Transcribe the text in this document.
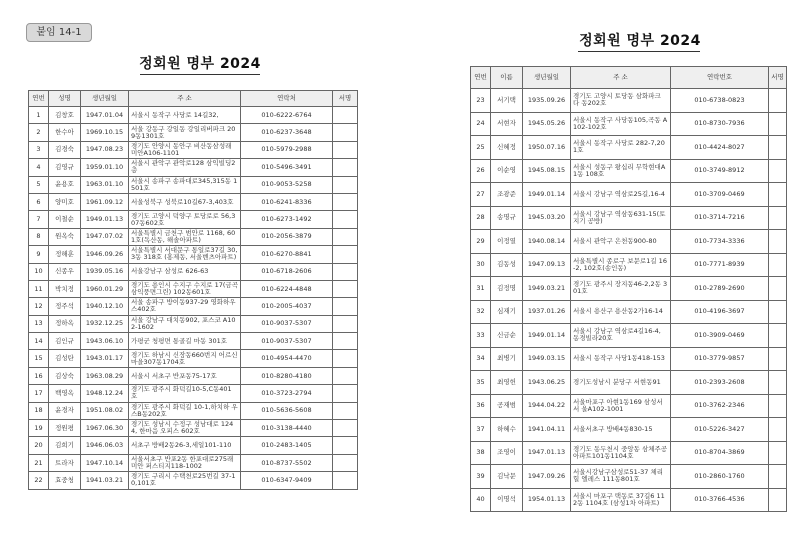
붙임 14-1
정회원 명부 2024
정회원 명부 2024
연번	성명	생년월일	주 소	연락처	서명
1	김창호	1947.01.04	서울시 동작구 사당로 14길32,	010-6222-6764	
2	한수아	1969.10.15	서울 강동구 강일동 강일리버파크 209동1301호	010-6237-3648	
3	김경숙	1947.08.23	경기도 안양시 동안구 비산동삼성래 미안A106-1101	010-5979-2988	
4	김영규	1959.01.10	서울시 관악구 관악로128 삼익빌딩2 층	010-5496-3491	
5	윤용호	1963.01.10	서울시 송파구 송파대로345,315동 1501호	010-9053-5258	
6	양미호	1961.09.12	서울성북구 성북로10길67-3,403호	010-6241-8336	
7	이철순	1949.01.13	경기도 고양시 덕양구 토당로로 56,307동602호	010-6273-1492	
8	원옥숙	1947.07.02	서울특별시 금천구 범안로 1168, 601호(독산동, 해솔아파트)	010-2056-3879	
9	정해훈	1946.09.26	서울특별시 서대문구 통일로37길 30, 3동 318호 (홍제동, 서울벤츠아파트)	010-6270-8841	
10	신종우	1939.05.16	서울강남구 삼성로 626-63	010-6718-2606	
11	박치정	1960.01.29	경기도 용인시 수지구 수지로 17(금곡삼익풍면그린) 102동601호	010-6224-4848	
12	정주석	1940.12.10	서울 송파구 방이동937-29 영화하우 스402호	010-2005-4037	
13	정하옥	1932.12.25	서울 강남구 대치동902, 포스코 A102-1602	010-9037-5307	
14	김인규	1943.06.10	가평군 청평면 통골길 마동 301호	010-9037-5307	
15	김성탄	1943.01.17	경기도 하남시 신장동660번지 어르신마을307동1704호	010-4954-4470	
16	김상숙	1963.08.29	서울시 서초구 반포동75-17호	010-8280-4180	
17	백영옥	1948.12.24	경기도 광주시 화덕길10-5,C동401 호	010-3723-2794	
18	윤경자	1951.08.02	경기도 광주시 화덕길 10-1,하치하 우스B동202호	010-5636-5608	
19	정원평	1967.06.30	경기도 성남시 수정구 성남대로 1244, 한마음 오피스 602호	010-3138-4440	
20	김희기	1946.06.03	서초구 방배2동26-3,세일101-110	010-2483-1405	
21	트라자	1947.10.14	서울서초구 반포2동 한포대로275래 미안 퍼스티지118-1002	010-8737-5502	
22	효중청	1941.03.21	경기도 구리시 수택천로25번길 37-10,101호	010-6347-9409	
연번	이름	생년월일	주 소	연락번호	서명
23	서기택	1935.09.26	경기도 고양시 토당동 삼화파크 다 동202호	010-6738-0823	
24	서현자	1945.05.26	서울시 동작구 사당동105,곡동 A102-102호	010-8730-7936	
25	신혜정	1950.07.16	서울시 동작구 사당로 282-7,201호	010-4424-8027	
26	이순영	1945.08.15	서울시 성동구 왕십리 무학현대A 1동 108호	010-3749-8912	
27	조광준	1949.01.14	서울시 강남구 역삼로25길,16-4	010-3709-0469	
28	송명규	1945.03.20	서울시 강남구 역삼동631-15(토지기 공방)	010-3714-7216	
29	이정열	1940.08.14	서울시 관악구 은천동900-80	010-7734-3336	
30	김동성	1947.09.13	서울특별시 종로구 보문로1길 16-2, 102호(송인동)	010-7771-8939	
31	김정명	1949.03.21	경기도 광주시 장지동46-2,2동 301호	010-2789-2690	
32	심재기	1937.01.26	서울시 용산구 용산동2가16-14	010-4196-3697	
33	신금순	1949.01.14	서울시 강남구 역삼로4길16-4, 동경빌라20호	010-3909-0469	
34	최병기	1949.03.15	서울시 동작구 사당1동418-153	010-3779-9857	
35	최영헌	1943.06.25	경기도성남시 분당구 서현동91	010-2393-2608	
36	공재범	1944.04.22	서울마포구 아현1동169 삼성서서 울A102-1001	010-3762-2346	
37	하혜수	1941.04.11	서울서초구 방배4동830-15	010-5226-3427	
38	조영이	1947.01.13	경기도 동두천시 중앙동 삼체주공아파트101동1104호	010-8704-3869	
39	김낙문	1947.09.26	서울시강남구삼성로51-37 체리 힐 엘레스 111동801호	010-2860-1760	
40	이명석	1954.01.13	서울시 마포구 택동로 37길6 112동 1104호 (삼성1차 아파트)	010-3766-4536	
